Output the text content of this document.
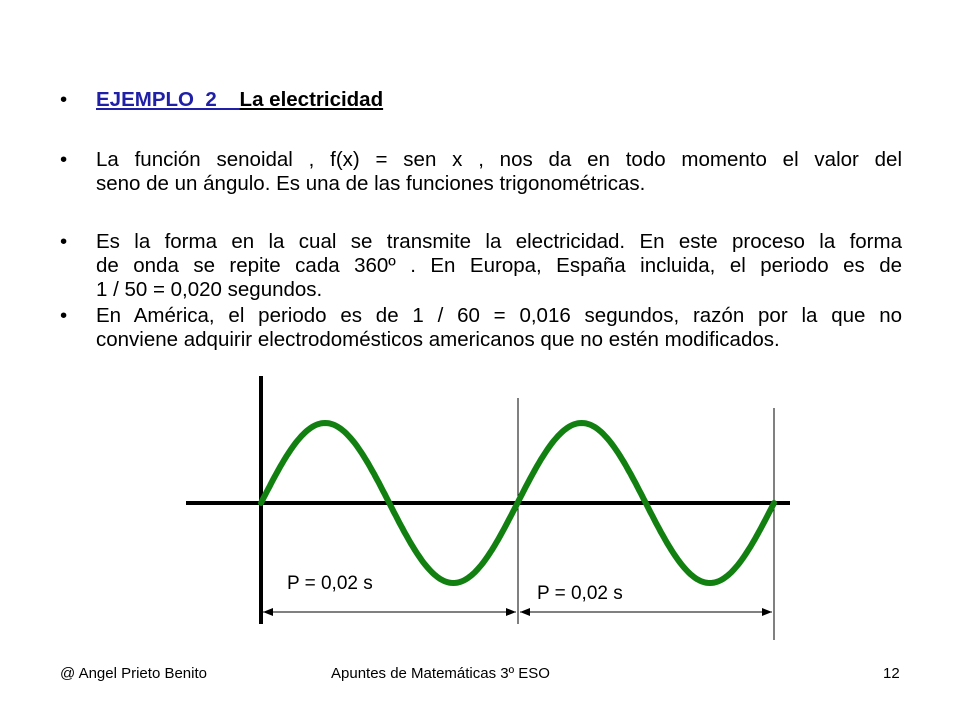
• EJEMPLO  2    La electricidad
• La función senoidal , f(x) = sen x , nos da en todo momento el valor del
seno de un ángulo. Es una de las funciones trigonométricas.
• Es la forma en la cual se transmite la electricidad. En este proceso la forma
de onda se repite cada 360º . En Europa, España incluida, el periodo es de
1 / 50 = 0,020 segundos.
• En América, el periodo es de 1 / 60 = 0,016 segundos, razón por la que no
conviene adquirir electrodomésticos americanos que no estén modificados.
P = 0,02 s	P = 0,02 s
@ Angel Prieto Benito	Apuntes de Matemáticas 3º ESO	12
